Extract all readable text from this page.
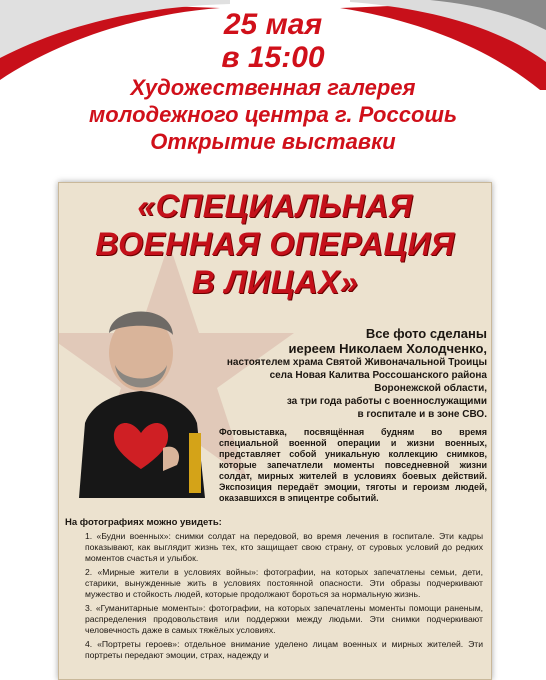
25 мая
в 15:00
Художественная галерея
молодежного центра г. Россошь
Открытие выставки
«СПЕЦИАЛЬНАЯ
ВОЕННАЯ ОПЕРАЦИЯ
В ЛИЦАХ»
Все фото сделаны
иереем Николаем Холодченко,
настоятелем храма Святой Живоначальной Троицы
села Новая Калитва Россошанского района
Воронежской области,
за три года работы с военнослужащими
в госпитале и в зоне СВО.
Фотовыставка, посвящённая будням во время специальной военной операции и жизни военных, представляет собой уникальную коллекцию снимков, которые запечатлели моменты повседневной жизни солдат, мирных жителей в условиях боевых действий. Экспозиция передаёт эмоции, тяготы и героизм людей, оказавшихся в эпицентре событий.
На фотографиях можно увидеть:
1. «Будни военных»: снимки солдат на передовой, во время лечения в госпитале. Эти кадры показывают, как выглядит жизнь тех, кто защищает свою страну, от суровых условий до редких моментов счастья и улыбок.
2. «Мирные жители в условиях войны»: фотографии, на которых запечатлены семьи, дети, старики, вынужденные жить в условиях постоянной опасности. Эти образы подчеркивают мужество и стойкость людей, которые продолжают бороться за нормальную жизнь.
3. «Гуманитарные моменты»: фотографии, на которых запечатлены моменты помощи раненым, распределения продовольствия или поддержки между людьми. Эти снимки подчеркивают человечность даже в самых тяжёлых условиях.
4. «Портреты героев»: отдельное внимание уделено лицам военных и мирных жителей. Эти портреты передают эмоции, страх, надежду и
